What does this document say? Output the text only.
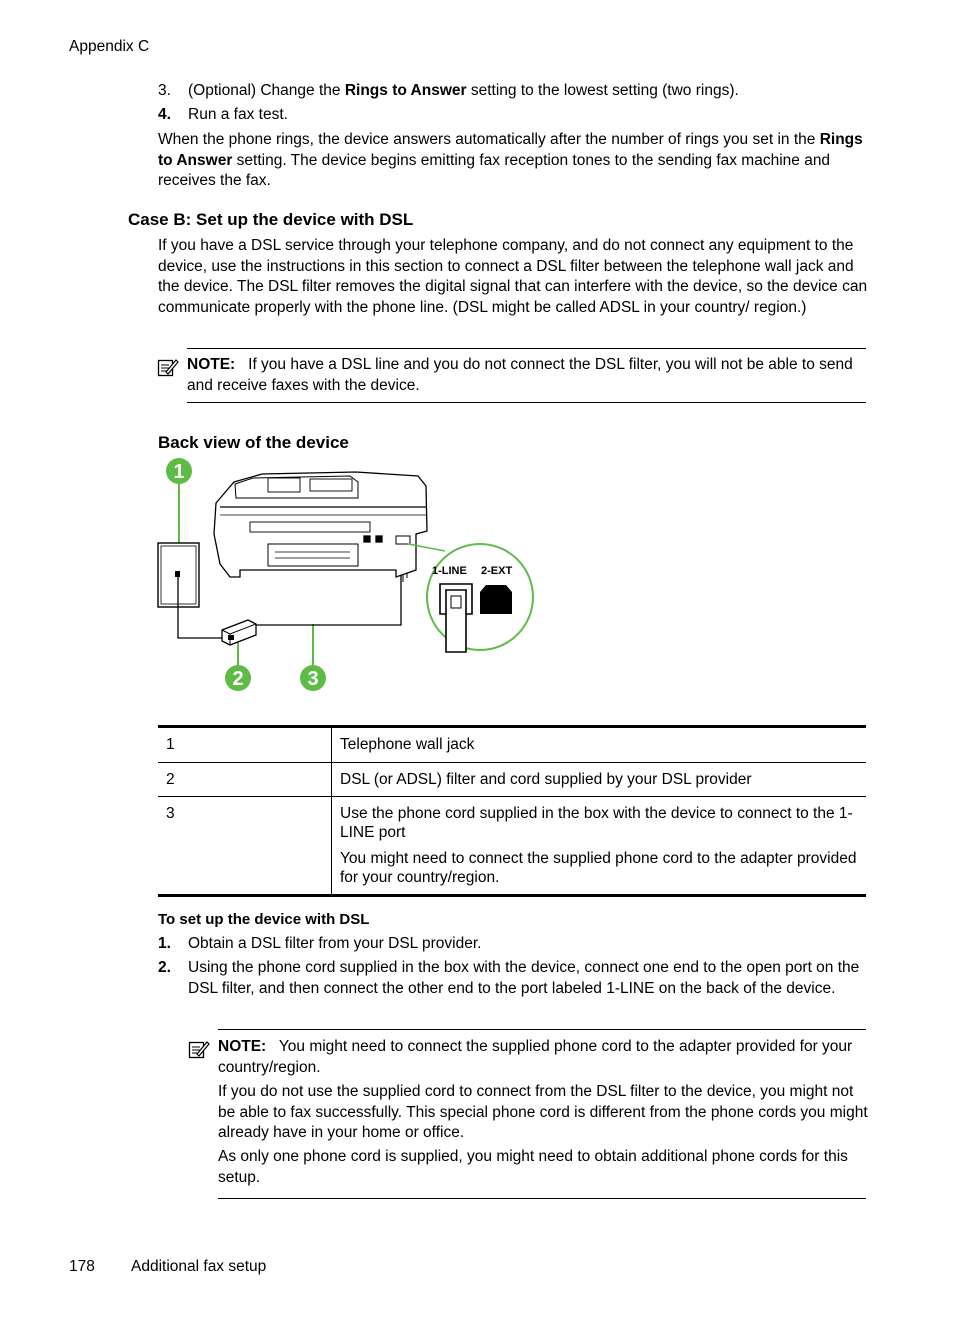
Appendix C
3. (Optional) Change the Rings to Answer setting to the lowest setting (two rings).
4. Run a fax test.
When the phone rings, the device answers automatically after the number of rings you set in the Rings to Answer setting. The device begins emitting fax reception tones to the sending fax machine and receives the fax.
Case B: Set up the device with DSL
If you have a DSL service through your telephone company, and do not connect any equipment to the device, use the instructions in this section to connect a DSL filter between the telephone wall jack and the device. The DSL filter removes the digital signal that can interfere with the device, so the device can communicate properly with the phone line. (DSL might be called ADSL in your country/ region.)
NOTE: If you have a DSL line and you do not connect the DSL filter, you will not be able to send and receive faxes with the device.
Back view of the device
1-LINE 2-EXT
1
2	3
1	Telephone wall jack
2	DSL (or ADSL) filter and cord supplied by your DSL provider
3	Use the phone cord supplied in the box with the device to connect to the 1-LINE port
You might need to connect the supplied phone cord to the adapter provided for your country/region.
To set up the device with DSL
1. Obtain a DSL filter from your DSL provider.
2. Using the phone cord supplied in the box with the device, connect one end to the open port on the DSL filter, and then connect the other end to the port labeled 1-LINE on the back of the device.
NOTE: You might need to connect the supplied phone cord to the adapter provided for your country/region.
If you do not use the supplied cord to connect from the DSL filter to the device, you might not be able to fax successfully. This special phone cord is different from the phone cords you might already have in your home or office.
As only one phone cord is supplied, you might need to obtain additional phone cords for this setup.
178 Additional fax setup
